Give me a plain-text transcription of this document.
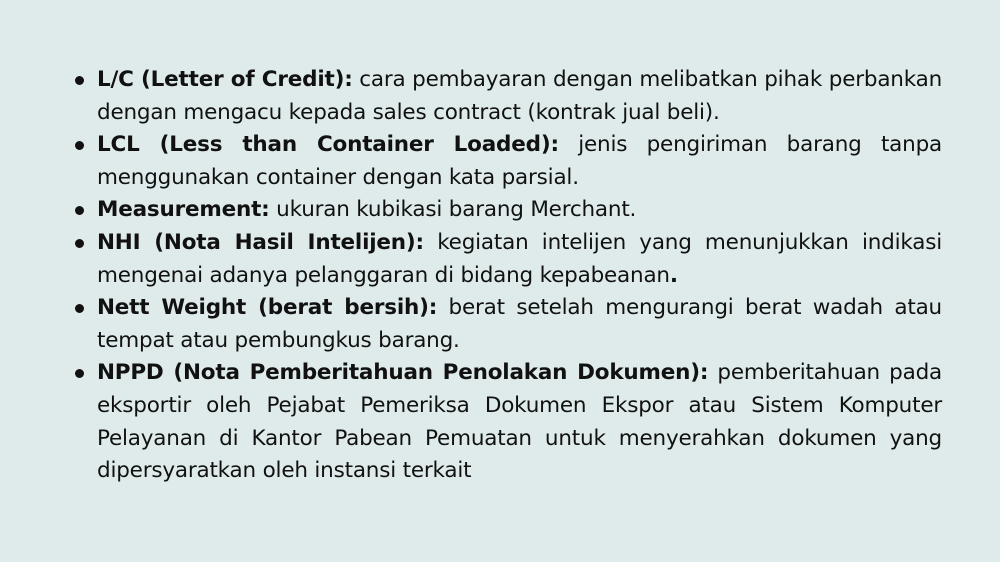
L/C (Letter of Credit): cara pembayaran dengan melibatkan pihak perbankan dengan mengacu kepada sales contract (kontrak jual beli).
LCL (Less than Container Loaded): jenis pengiriman barang tanpa menggunakan container dengan kata parsial.
Measurement: ukuran kubikasi barang Merchant.
NHI (Nota Hasil Intelijen): kegiatan intelijen yang menunjukkan indikasi mengenai adanya pelanggaran di bidang kepabeanan.
Nett Weight (berat bersih): berat setelah mengurangi berat wadah atau tempat atau pembungkus barang.
NPPD (Nota Pemberitahuan Penolakan Dokumen): pemberitahuan pada eksportir oleh Pejabat Pemeriksa Dokumen Ekspor atau Sistem Komputer Pelayanan di Kantor Pabean Pemuatan untuk menyerahkan dokumen yang dipersyaratkan oleh instansi terkait
